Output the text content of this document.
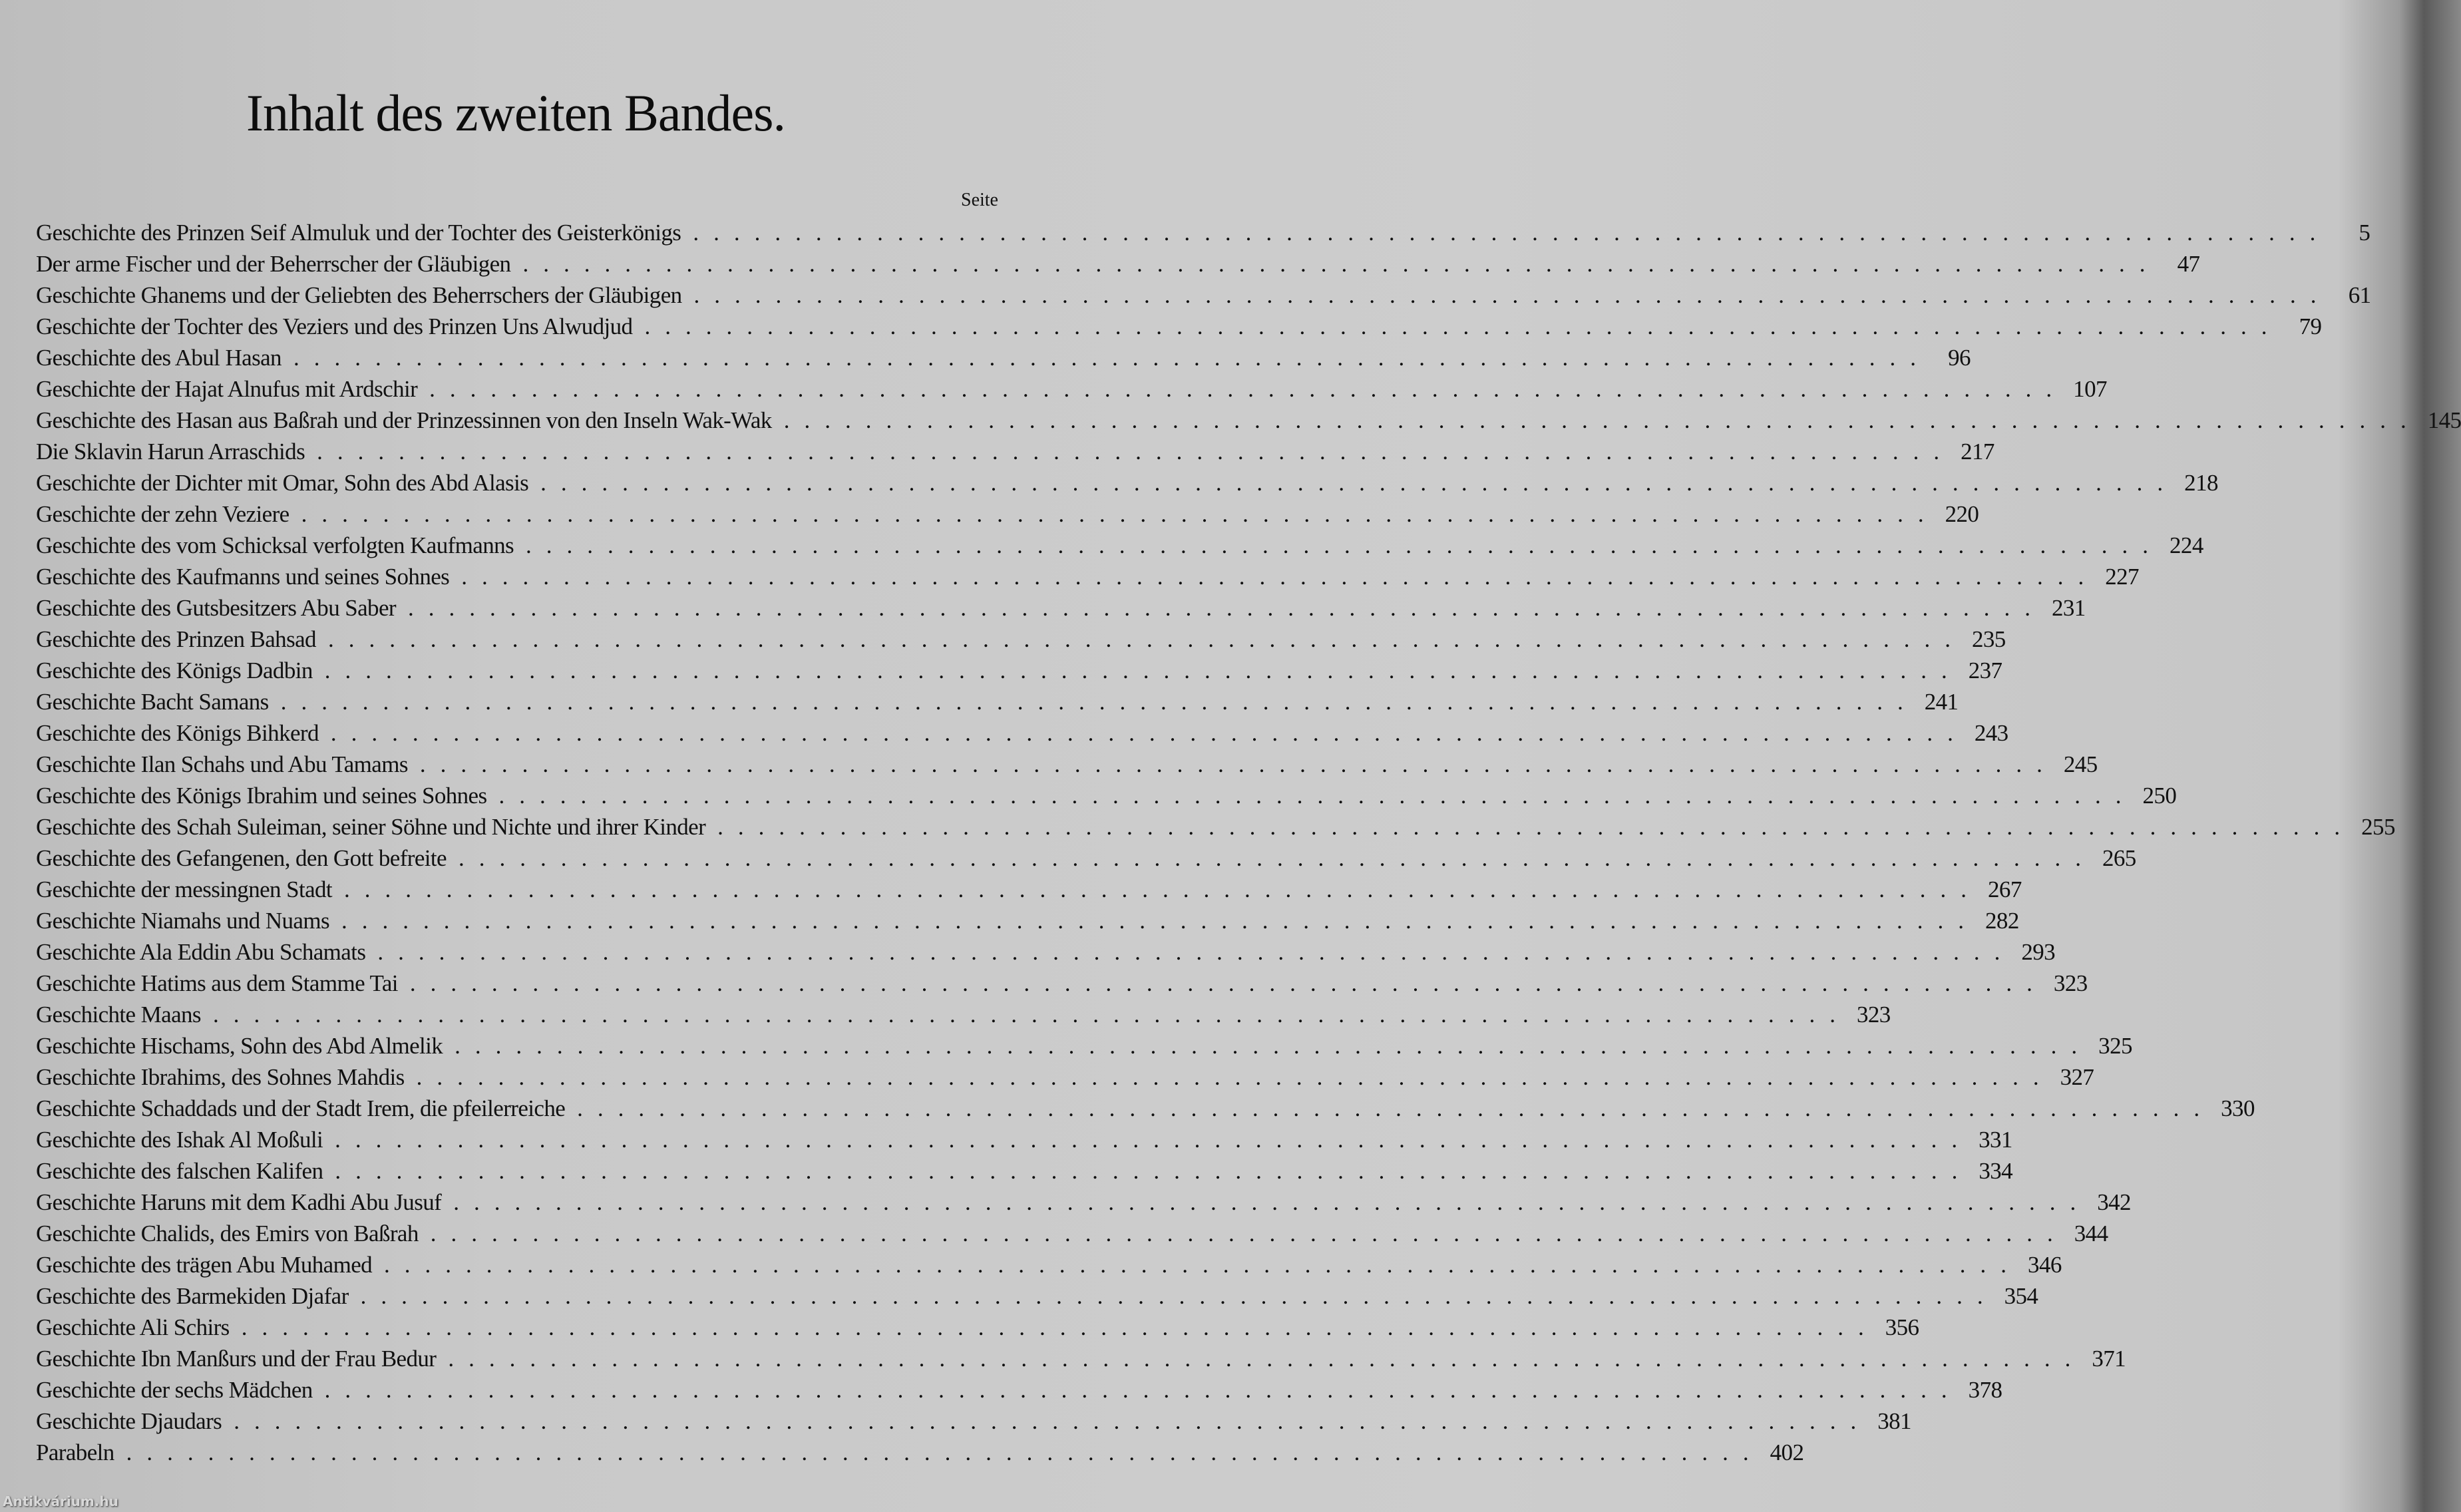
Inhalt des zweiten Bandes.
Seite
Geschichte des Prinzen Seif Almuluk und der Tochter des Geisterkönigs ................................................................................	5
Der arme Fischer und der Beherrscher der Gläubigen ................................................................................ 47
Geschichte Ghanems und der Geliebten des Beherrschers der Gläubigen ................................................................................ 61
Geschichte der Tochter des Veziers und des Prinzen Uns Alwudjud ................................................................................ 79
Geschichte des Abul Hasan ................................................................................ 96
Geschichte der Hajat Alnufus mit Ardschir ................................................................................ 107
Geschichte des Hasan aus Baßrah und der Prinzessinnen von den Inseln Wak-Wak ................................................................................ 145
Die Sklavin Harun Arraschids ................................................................................ 217
Geschichte der Dichter mit Omar, Sohn des Abd Alasis ................................................................................ 218
Geschichte der zehn Veziere ................................................................................ 220
Geschichte des vom Schicksal verfolgten Kaufmanns ................................................................................ 224
Geschichte des Kaufmanns und seines Sohnes ................................................................................ 227
Geschichte des Gutsbesitzers Abu Saber ................................................................................ 231
Geschichte des Prinzen Bahsad ................................................................................ 235
Geschichte des Königs Dadbin ................................................................................ 237
Geschichte Bacht Samans ................................................................................ 241
Geschichte des Königs Bihkerd ................................................................................ 243
Geschichte Ilan Schahs und Abu Tamams ................................................................................ 245
Geschichte des Königs Ibrahim und seines Sohnes ................................................................................ 250
Geschichte des Schah Suleiman, seiner Söhne und Nichte und ihrer Kinder ................................................................................ 255
Geschichte des Gefangenen, den Gott befreite ................................................................................ 265
Geschichte der messingnen Stadt ................................................................................ 267
Geschichte Niamahs und Nuams ................................................................................ 282
Geschichte Ala Eddin Abu Schamats ................................................................................ 293
Geschichte Hatims aus dem Stamme Tai ................................................................................ 323
Geschichte Maans ................................................................................ 323
Geschichte Hischams, Sohn des Abd Almelik ................................................................................ 325
Geschichte Ibrahims, des Sohnes Mahdis ................................................................................ 327
Geschichte Schaddads und der Stadt Irem, die pfeilerreiche ................................................................................ 330
Geschichte des Ishak Al Moßuli ................................................................................ 331
Geschichte des falschen Kalifen ................................................................................ 334
Geschichte Haruns mit dem Kadhi Abu Jusuf ................................................................................ 342
Geschichte Chalids, des Emirs von Baßrah ................................................................................ 344
Geschichte des trägen Abu Muhamed ................................................................................ 346
Geschichte des Barmekiden Djafar ................................................................................ 354
Geschichte Ali Schirs ................................................................................ 356
Geschichte Ibn Manßurs und der Frau Bedur ................................................................................ 371
Geschichte der sechs Mädchen ................................................................................ 378
Geschichte Djaudars ................................................................................ 381
Parabeln ................................................................................ 402
Antikvárium.hu
